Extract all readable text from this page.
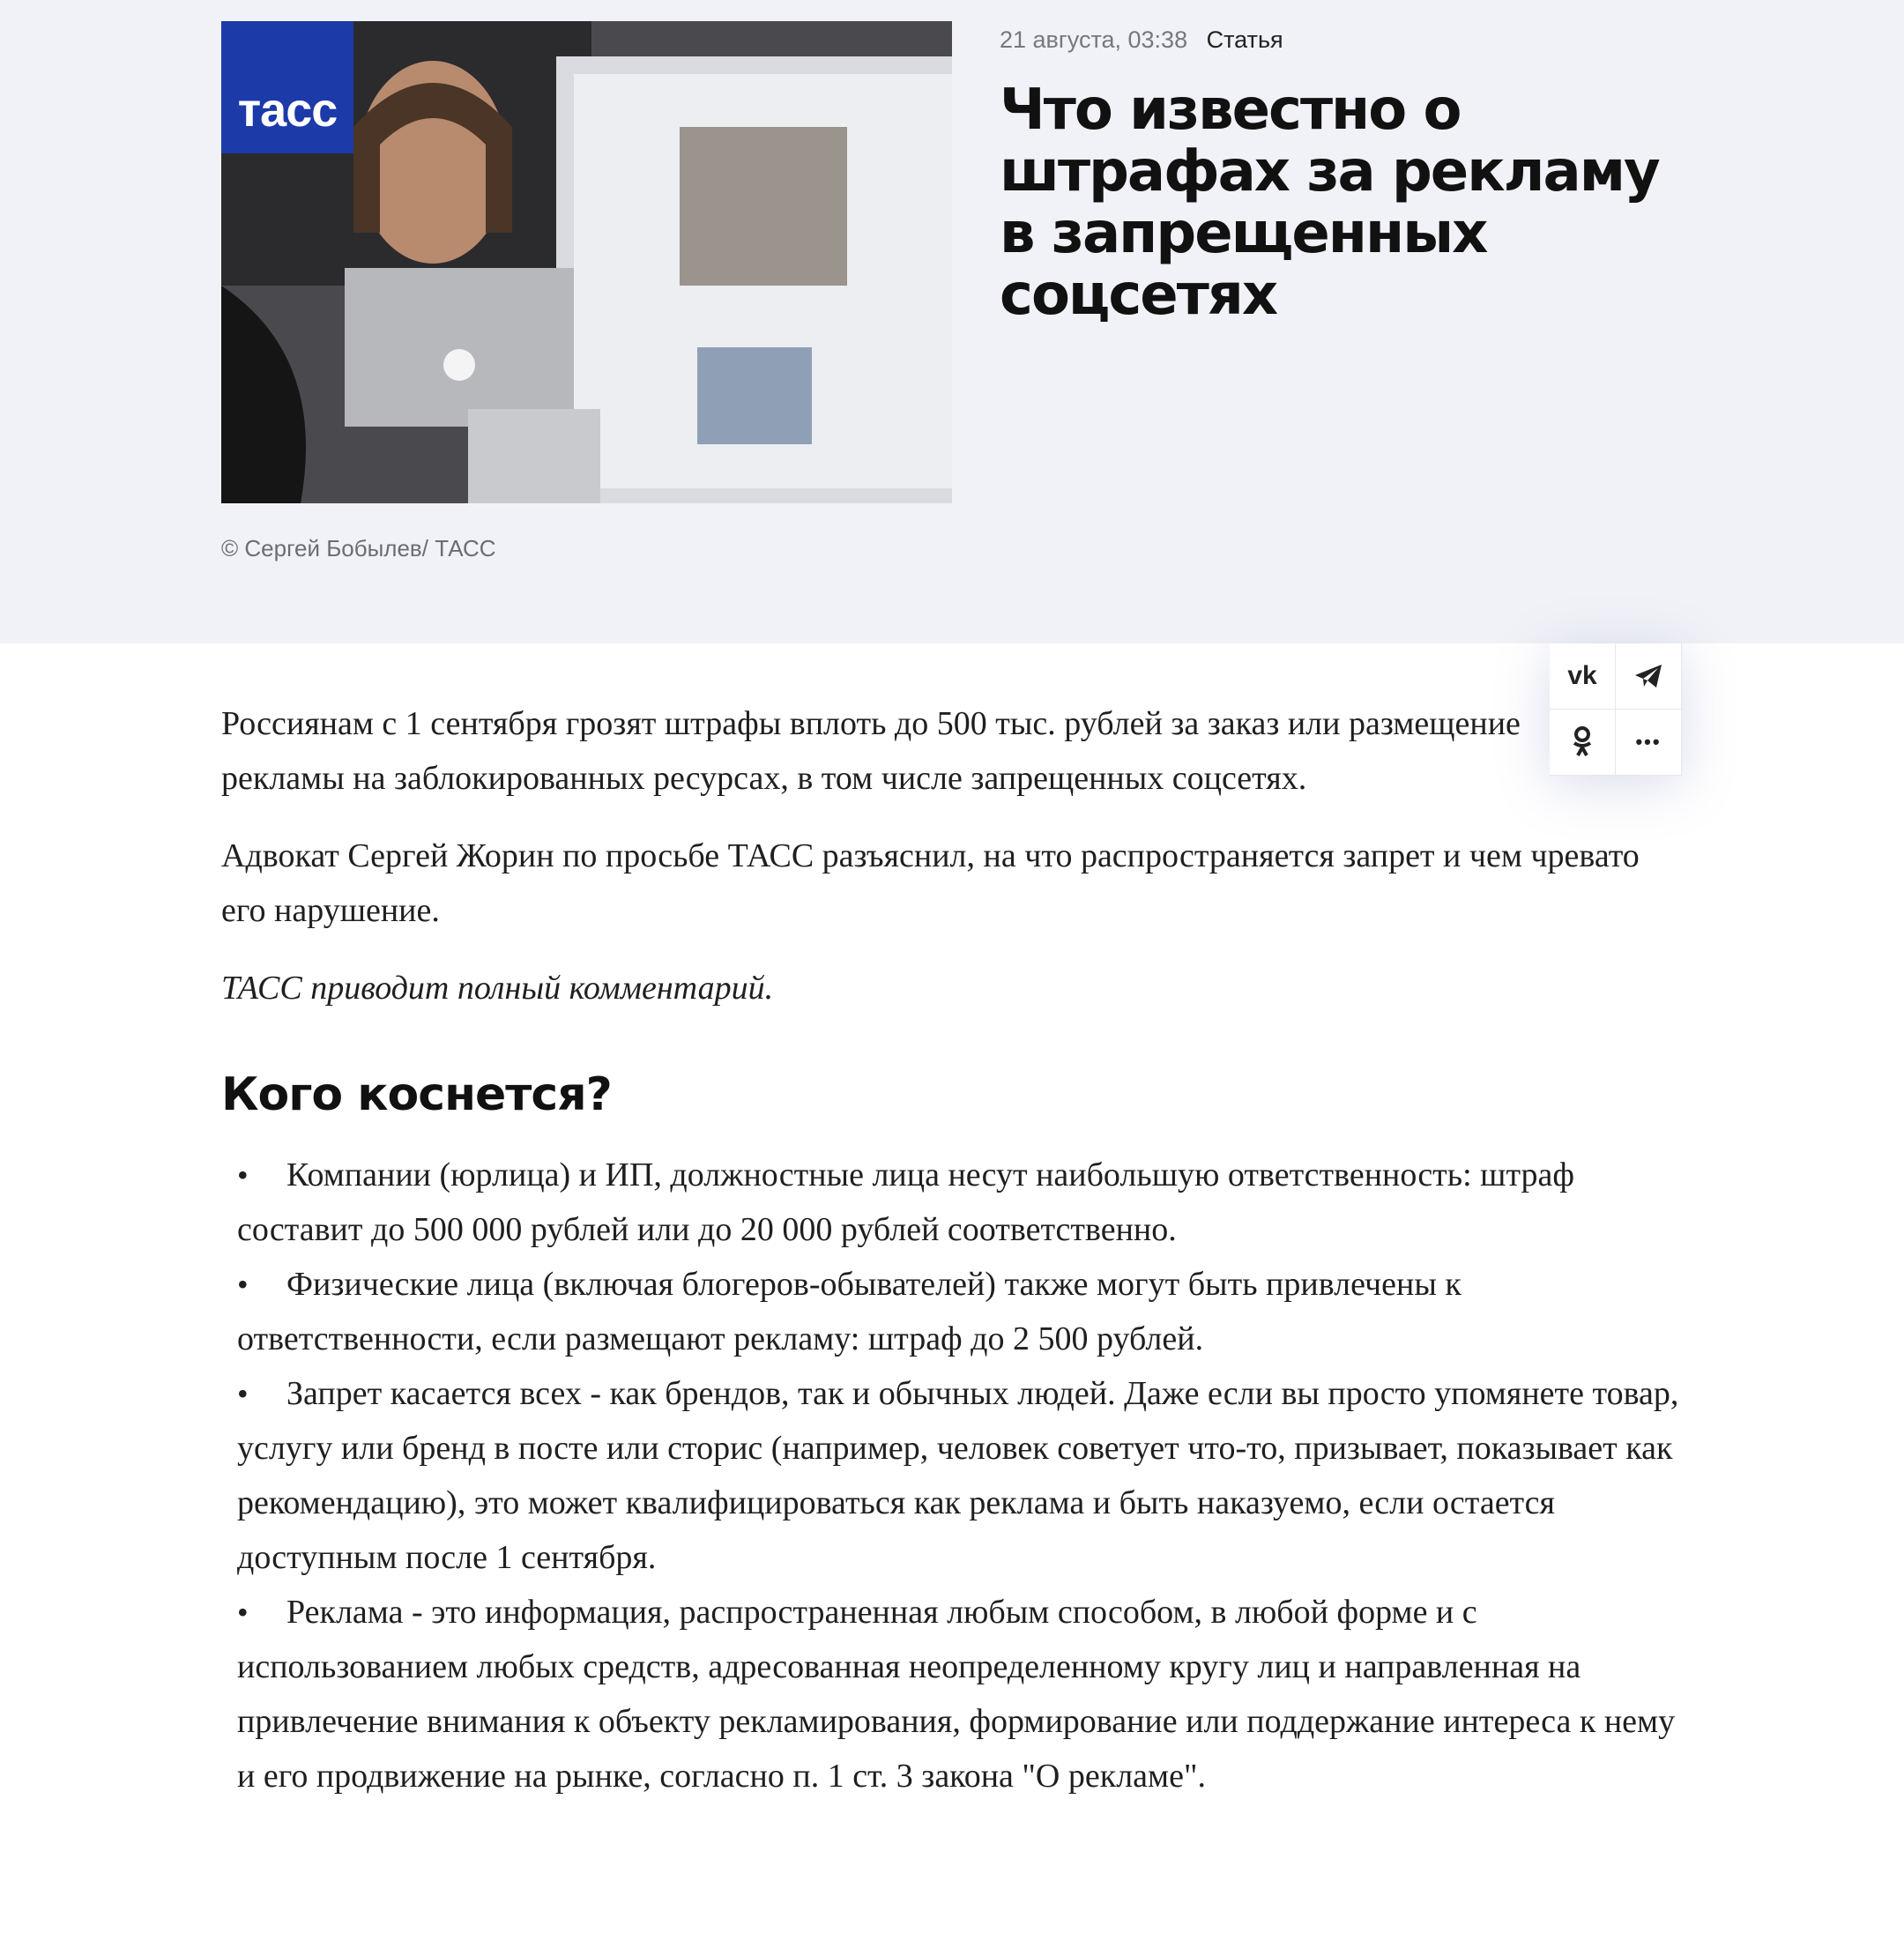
тасс
© Сергей Бобылев/ ТАСС
21 августа, 03:38 Статья
Что известно о штрафах за рекламу в запрещенных соцсетях
vk
•••

Россиянам с 1 сентября грозят штрафы вплоть до 500 тыс. рублей за заказ или размещение рекламы на заблокированных ресурсах, в том числе запрещенных соцсетях.

Адвокат Сергей Жорин по просьбе ТАСС разъяснил, на что распространяется запрет и чем чревато его нарушение.

ТАСС приводит полный комментарий.

Кого коснется?
• Компании (юрлица) и ИП, должностные лица несут наибольшую ответственность: штраф составит до 500 000 рублей или до 20 000 рублей соответственно.
• Физические лица (включая блогеров-обывателей) также могут быть привлечены к ответственности, если размещают рекламу: штраф до 2 500 рублей.
• Запрет касается всех - как брендов, так и обычных людей. Даже если вы просто упомянете товар, услугу или бренд в посте или сторис (например, человек советует что-то, призывает, показывает как рекомендацию), это может квалифицироваться как реклама и быть наказуемо, если остается доступным после 1 сентября.
• Реклама - это информация, распространенная любым способом, в любой форме и с использованием любых средств, адресованная неопределенному кругу лиц и направленная на привлечение внимания к объекту рекламирования, формирование или поддержание интереса к нему и его продвижение на рынке, согласно п. 1 ст. 3 закона "О рекламе".
